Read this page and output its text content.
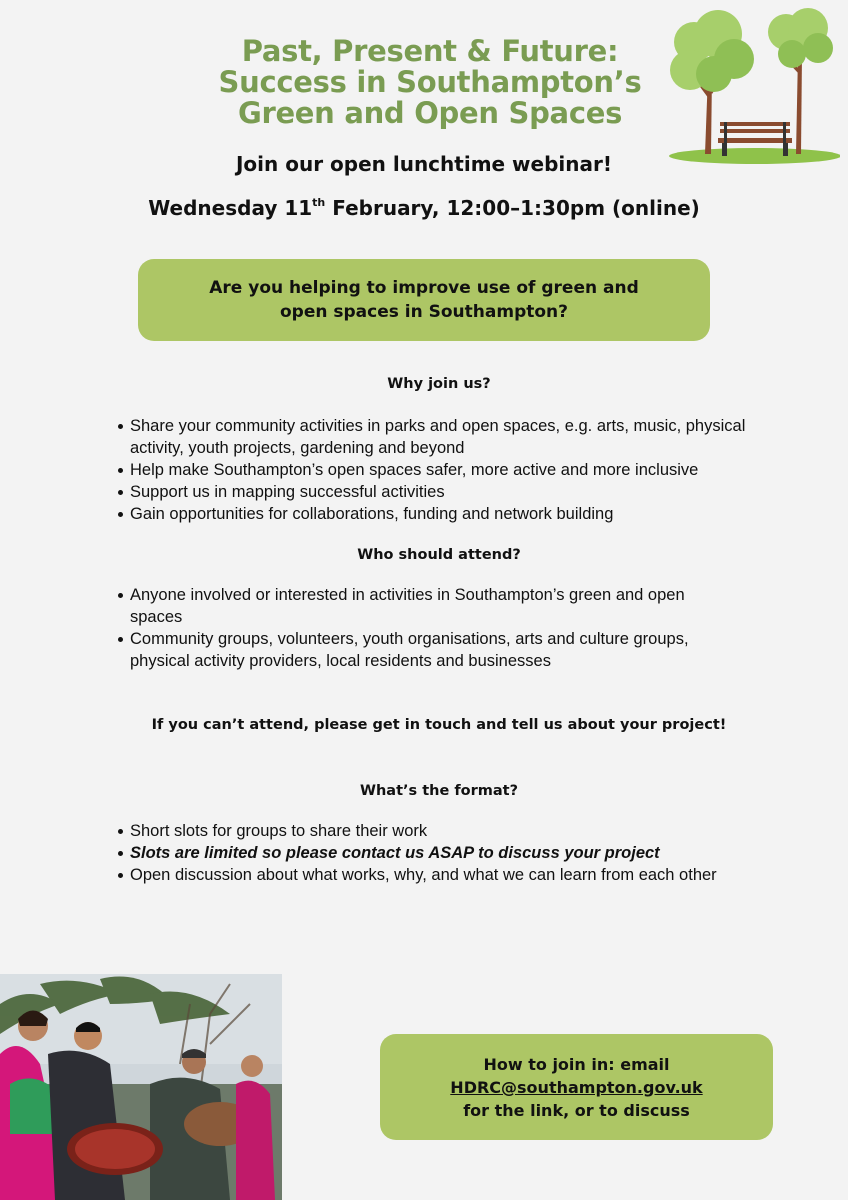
Past, Present & Future:
Success in Southampton’s
Green and Open Spaces
Join our open lunchtime webinar!
Wednesday 11th February, 12:00–1:30pm (online)
Are you helping to improve use of green and open spaces in Southampton?
Why join us?
Share your community activities in parks and open spaces, e.g. arts, music, physical activity, youth projects, gardening and beyond
Help make Southampton’s open spaces safer, more active and more inclusive
Support us in mapping successful activities
Gain opportunities for collaborations, funding and network building
Who should attend?
Anyone involved or interested in activities in Southampton’s green and open spaces
Community groups, volunteers, youth organisations, arts and culture groups, physical activity providers, local residents and businesses
If you can’t attend, please get in touch and tell us about your project!
What’s the format?
Short slots for groups to share their work
Slots are limited so please contact us ASAP to discuss your project
Open discussion about what works, why, and what we can learn from each other
How to join in: email
HDRC@southampton.gov.uk
for the link, or to discuss
